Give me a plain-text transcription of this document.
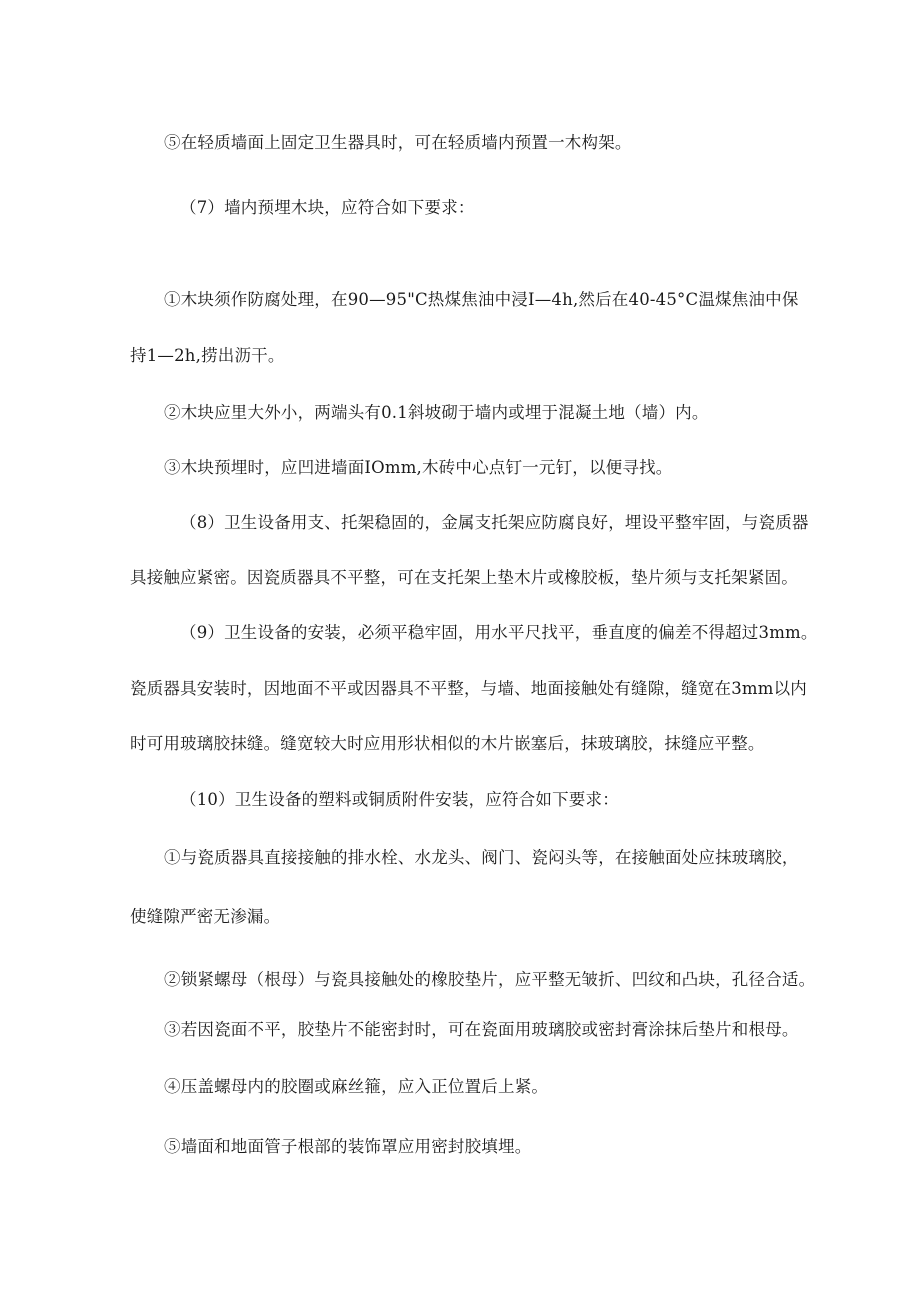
⑤在轻质墙面上固定卫生器具时，可在轻质墙内预置一木构架。
（7）墙内预埋木块，应符合如下要求：
①木块须作防腐处理，在90—95"C热煤焦油中浸I—4h,然后在40-45°C温煤焦油中保
持1—2h,捞出沥干。
②木块应里大外小，两端头有0.1斜坡砌于墙内或埋于混凝土地（墙）内。
③木块预埋时，应凹进墙面IOmm,木砖中心点钉一元钉，以便寻找。
（8）卫生设备用支、托架稳固的，金属支托架应防腐良好，埋设平整牢固，与瓷质器
具接触应紧密。因瓷质器具不平整，可在支托架上垫木片或橡胶板，垫片须与支托架紧固。
（9）卫生设备的安装，必须平稳牢固，用水平尺找平，垂直度的偏差不得超过3mm。
瓷质器具安装时，因地面不平或因器具不平整，与墙、地面接触处有缝隙，缝宽在3mm以内
时可用玻璃胶抹缝。缝宽较大时应用形状相似的木片嵌塞后，抹玻璃胶，抹缝应平整。
（10）卫生设备的塑料或铜质附件安装，应符合如下要求：
①与瓷质器具直接接触的排水栓、水龙头、阀门、瓷闷头等，在接触面处应抹玻璃胶，
使缝隙严密无渗漏。
②锁紧螺母（根母）与瓷具接触处的橡胶垫片，应平整无皱折、凹纹和凸块，孔径合适。
③若因瓷面不平，胶垫片不能密封时，可在瓷面用玻璃胶或密封膏涂抹后垫片和根母。
④压盖螺母内的胶圈或麻丝箍，应入正位置后上紧。
⑤墙面和地面管子根部的装饰罩应用密封胶填埋。
